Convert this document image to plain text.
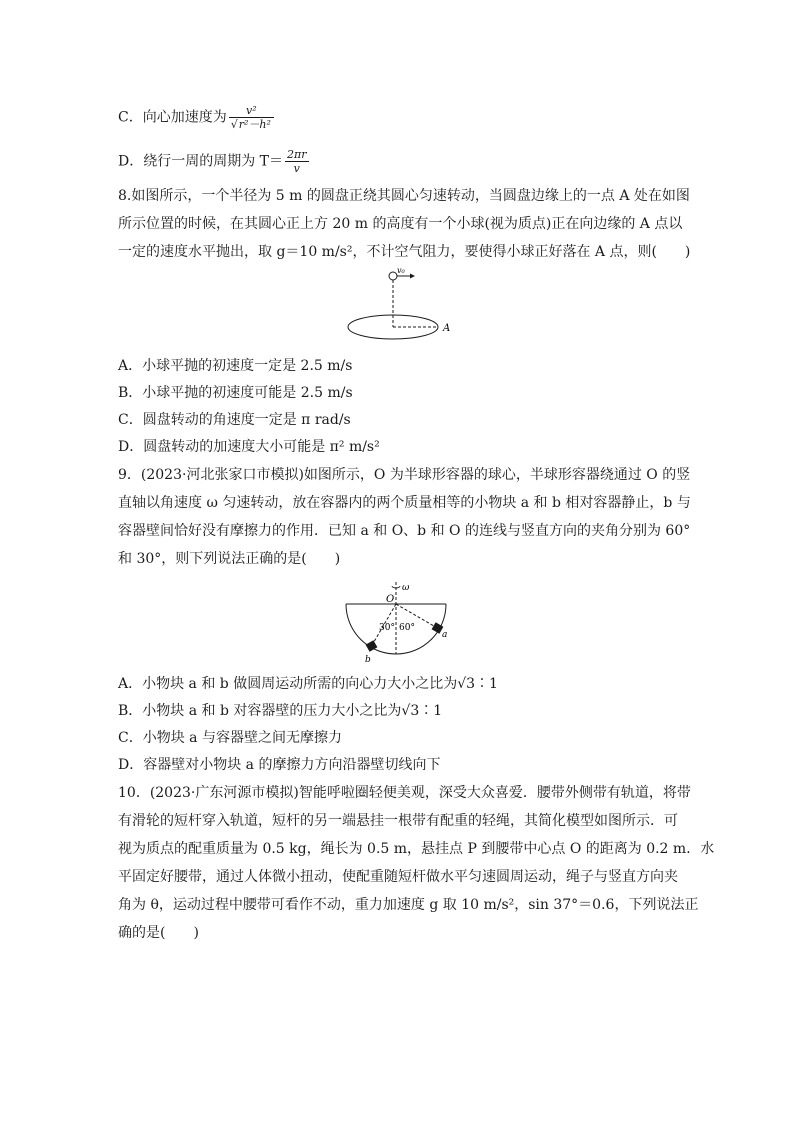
C．向心加速度为 $\frac{\text{v²}}{\text{√r²－h²}}$
D．绕行一周的周期为 $T= \frac{2\pi r}{v}$
8.如图所示，一个半径为 5 m 的圆盘正绕其圆心匀速转动，当圆盘边缘上的一点 A 处在如图
所示位置的时候，在其圆心正上方 20 m 的高度有一个小球(视为质点)正在向边缘的 A 点以
一定的速度水平抛出，取 g＝10 m/s²，不计空气阻力，要使得小球正好落在 A 点，则(　　)
v₀
A
A．小球平抛的初速度一定是 2.5 m/s
B．小球平抛的初速度可能是 2.5 m/s
C．圆盘转动的角速度一定是 π rad/s
D．圆盘转动的加速度大小可能是 π² m/s²
9．(2023·河北张家口市模拟)如图所示，O 为半球形容器的球心，半球形容器绕通过 O 的竖
直轴以角速度 ω 匀速转动，放在容器内的两个质量相等的小物块 a 和 b 相对容器静止，b 与
容器壁间恰好没有摩擦力的作用．已知 a 和 O、b 和 O 的连线与竖直方向的夹角分别为 60°
和 30°，则下列说法正确的是(　　)
ω
O
a
b
30° 60°
A．小物块 a 和 b 做圆周运动所需的向心力大小之比为√3∶1
B．小物块 a 和 b 对容器壁的压力大小之比为√3∶1
C．小物块 a 与容器壁之间无摩擦力
D．容器壁对小物块 a 的摩擦力方向沿器壁切线向下
10．(2023·广东河源市模拟)智能呼啦圈轻便美观，深受大众喜爱．腰带外侧带有轨道，将带
有滑轮的短杆穿入轨道，短杆的另一端悬挂一根带有配重的轻绳，其简化模型如图所示．可
视为质点的配重质量为 0.5 kg，绳长为 0.5 m，悬挂点 P 到腰带中心点 O 的距离为 0.2 m．水
平固定好腰带，通过人体微小扭动，使配重随短杆做水平匀速圆周运动，绳子与竖直方向夹
角为 θ，运动过程中腰带可看作不动，重力加速度 g 取 10 m/s²，sin 37°＝0.6，下列说法正
确的是(　　)
